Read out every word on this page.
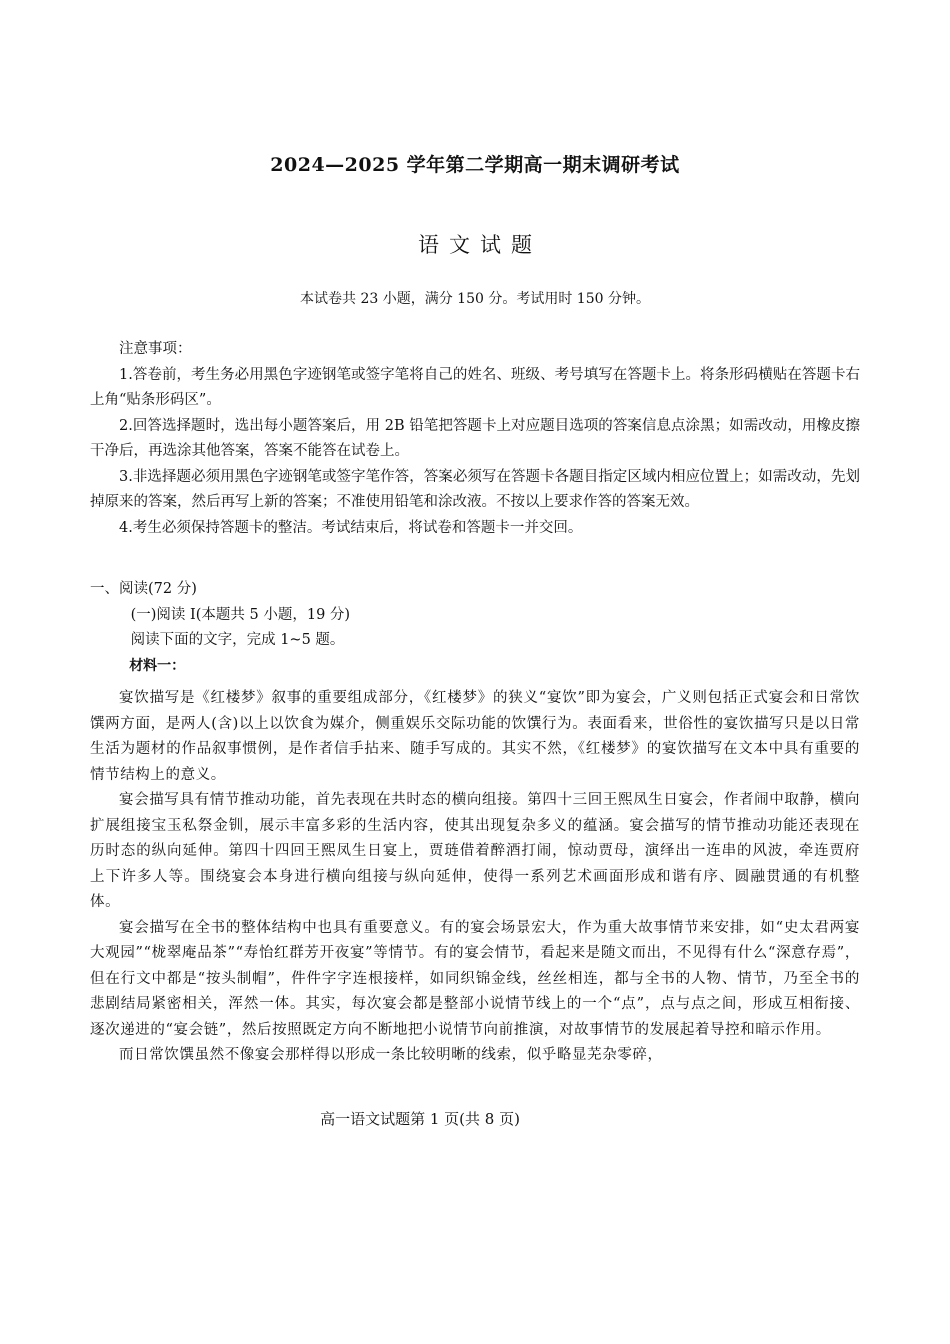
2024—2025 学年第二学期高一期末调研考试
语文试题
本试卷共 23 小题，满分 150 分。考试用时 150 分钟。

注意事项：

1.答卷前，考生务必用黑色字迹钢笔或签字笔将自己的姓名、班级、考号填写在答题卡上。将条形码横贴在答题卡右上角“贴条形码区”。

2.回答选择题时，选出每小题答案后，用 2B 铅笔把答题卡上对应题目选项的答案信息点涂黑；如需改动，用橡皮擦干净后，再选涂其他答案，答案不能答在试卷上。

3.非选择题必须用黑色字迹钢笔或签字笔作答，答案必须写在答题卡各题目指定区域内相应位置上；如需改动，先划掉原来的答案，然后再写上新的答案；不准使用铅笔和涂改液。不按以上要求作答的答案无效。

4.考生必须保持答题卡的整洁。考试结束后，将试卷和答题卡一并交回。

一、阅读(72 分)

(一)阅读 I(本题共 5 小题，19 分)

阅读下面的文字，完成 1~5 题。

材料一：

宴饮描写是《红楼梦》叙事的重要组成部分，《红楼梦》的狭义“宴饮”即为宴会，广义则包括正式宴会和日常饮馔两方面，是两人(含)以上以饮食为媒介，侧重娱乐交际功能的饮馔行为。表面看来，世俗性的宴饮描写只是以日常生活为题材的作品叙事惯例，是作者信手拈来、随手写成的。其实不然，《红楼梦》的宴饮描写在文本中具有重要的情节结构上的意义。

宴会描写具有情节推动功能，首先表现在共时态的横向组接。第四十三回王熙凤生日宴会，作者闹中取静，横向扩展组接宝玉私祭金钏，展示丰富多彩的生活内容，使其出现复杂多义的蕴涵。宴会描写的情节推动功能还表现在历时态的纵向延伸。第四十四回王熙凤生日宴上，贾琏借着醉酒打闹，惊动贾母，演绎出一连串的风波，牵连贾府上下许多人等。围绕宴会本身进行横向组接与纵向延伸，使得一系列艺术画面形成和谐有序、圆融贯通的有机整体。

宴会描写在全书的整体结构中也具有重要意义。有的宴会场景宏大，作为重大故事情节来安排，如“史太君两宴大观园”“栊翠庵品茶”“寿怡红群芳开夜宴”等情节。有的宴会情节，看起来是随文而出，不见得有什么“深意存焉”，但在行文中都是“按头制帽”，件件字字连根接样，如同织锦金线，丝丝相连，都与全书的人物、情节，乃至全书的悲剧结局紧密相关，浑然一体。其实，每次宴会都是整部小说情节线上的一个“点”，点与点之间，形成互相衔接、逐次递进的“宴会链”，然后按照既定方向不断地把小说情节向前推演，对故事情节的发展起着导控和暗示作用。

而日常饮馔虽然不像宴会那样得以形成一条比较明晰的线索，似乎略显芜杂零碎，

高一语文试题第 1 页(共 8 页)
